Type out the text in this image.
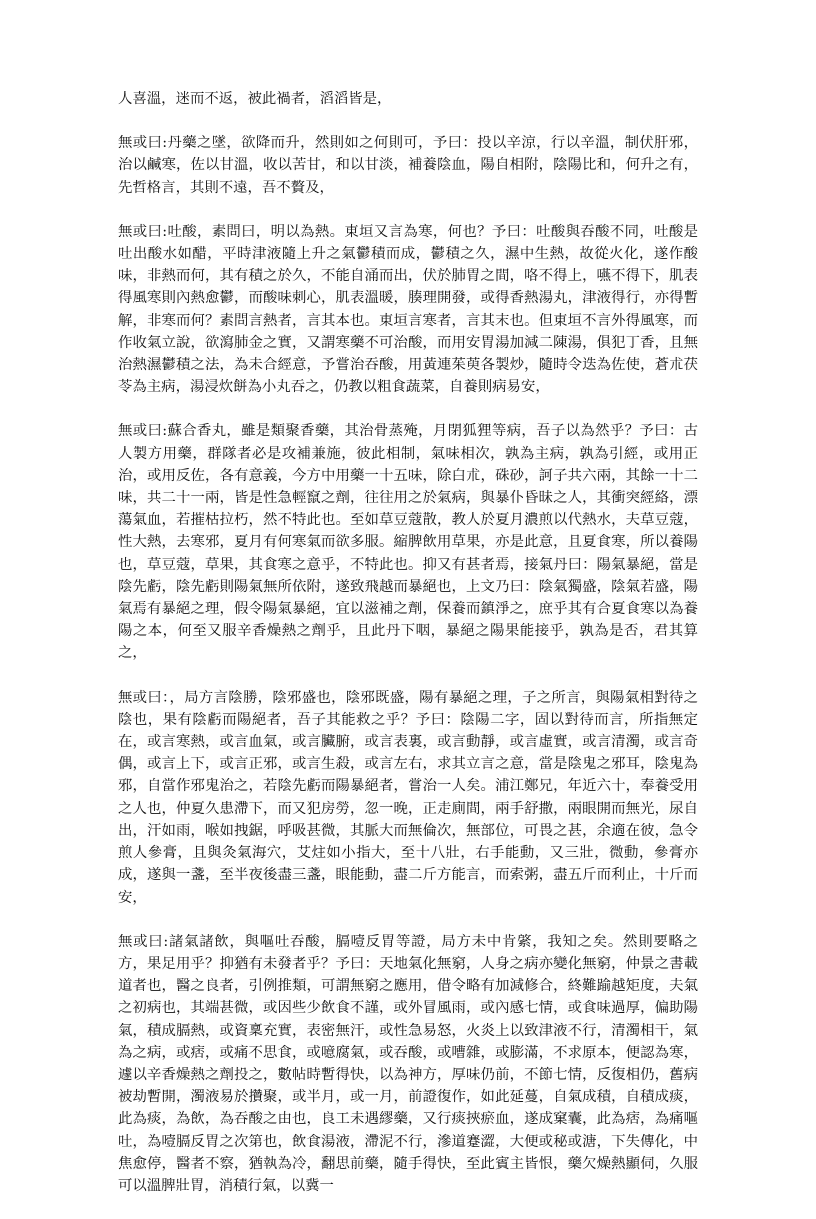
人喜溫，迷而不返，被此禍者，滔滔皆是，

無或曰:丹藥之墜，欲降而升，然則如之何則可，予曰：投以辛涼，行以辛溫，制伏肝邪，治以鹹寒，佐以甘溫，收以苦甘，和以甘淡，補養陰血，陽自相附，陰陽比和，何升之有，先哲格言，其則不遠，吾不贅及，

無或曰:吐酸，素問曰，明以為熱。東垣又言為寒，何也？予曰：吐酸與吞酸不同，吐酸是吐出酸水如醋，平時津液隨上升之氣鬱積而成，鬱積之久，濕中生熱，故從火化，遂作酸味，非熱而何，其有積之於久，不能自涌而出，伏於肺胃之間，咯不得上，嚥不得下，肌表得風寒則內熱愈鬱，而酸味刺心，肌表溫暖，腠理開發，或得香熱湯丸，津液得行，亦得暫解，非寒而何？素問言熱者，言其本也。東垣言寒者，言其末也。但東垣不言外得風寒，而作收氣立說，欲瀉肺金之實，又謂寒藥不可治酸，而用安胃湯加減二陳湯，俱犯丁香，且無治熱濕鬱積之法，為未合經意，予嘗治吞酸，用黃連茱萸各製炒，隨時令迭為佐使，蒼朮茯苓為主病，湯浸炊餅為小丸吞之，仍教以粗食蔬菜，自養則病易安，

無或曰:蘇合香丸，雖是類聚香藥，其治骨蒸殗，月閉狐狸等病，吾子以為然乎？予曰：古人製方用藥，群隊者必是攻補兼施，彼此相制，氣味相次，孰為主病，孰為引經，或用正治，或用反佐，各有意義，今方中用藥一十五味，除白朮，硃砂，訶子共六兩，其餘一十二味，共二十一兩，皆是性急輕竄之劑，往往用之於氣病，與暴仆昏昧之人，其衝突經絡，漂蕩氣血，若摧枯拉朽，然不特此也。至如草豆蔻散，教人於夏月濃煎以代熱水，夫草豆蔻，性大熱，去寒邪，夏月有何寒氣而欲多服。縮脾飲用草果，亦是此意，且夏食寒，所以養陽也，草豆蔻，草果，其食寒之意乎，不特此也。抑又有甚者焉，接氣丹曰：陽氣暴絕，當是陰先虧，陰先虧則陽氣無所依附，遂致飛越而暴絕也，上文乃曰：陰氣獨盛，陰氣若盛，陽氣焉有暴絕之理，假令陽氣暴絕，宜以滋補之劑，保養而鎮淨之，庶乎其有合夏食寒以為養陽之本，何至又服辛香燥熱之劑乎，且此丹下咽，暴絕之陽果能接乎，孰為是否，君其算之，

無或曰：，局方言陰勝，陰邪盛也，陰邪既盛，陽有暴絕之理，子之所言，與陽氣相對待之陰也，果有陰虧而陽絕者，吾子其能救之乎？予曰：陰陽二字，固以對待而言，所指無定在，或言寒熱，或言血氣，或言臟腑，或言表裏，或言動靜，或言虛實，或言清濁，或言奇偶，或言上下，或言正邪，或言生殺，或言左右，求其立言之意，當是陰鬼之邪耳，陰鬼為邪，自當作邪鬼治之，若陰先虧而陽暴絕者，嘗治一人矣。浦江鄭兄，年近六十，奉養受用之人也，仲夏久患滯下，而又犯房勞，忽一晚，正走廁間，兩手舒撒，兩眼開而無光，尿自出，汗如雨，喉如拽鋸，呼吸甚微，其脈大而無倫次，無部位，可畏之甚，余適在彼，急令煎人參膏，且與灸氣海穴，艾炷如小指大，至十八壯，右手能動，又三壯，微動，參膏亦成，遂與一盞，至半夜後盡三盞，眼能動，盡二斤方能言，而索粥，盡五斤而利止，十斤而安，

無或曰:諸氣諸飲，與嘔吐吞酸，膈噎反胃等證，局方未中肯綮，我知之矣。然則要略之方，果足用乎？抑猶有未發者乎？予曰：天地氣化無窮，人身之病亦變化無窮，仲景之書載道者也，醫之良者，引例推類，可謂無窮之應用，借令略有加減修合，終難踰越矩度，夫氣之初病也，其端甚微，或因些少飲食不謹，或外冒風雨，或內感七情，或食味過厚，偏助陽氣，積成膈熱，或資稟充實，表密無汗，或性急易怒，火炎上以致津液不行，清濁相干，氣為之病，或痞，或痛不思食，或噫腐氣，或吞酸，或嘈雜，或膨滿，不求原本，便認為寒，遽以辛香燥熱之劑投之，數帖時暫得快，以為神方，厚味仍前，不節七情，反復相仍，舊病被劫暫開，濁液易於攢聚，或半月，或一月，前證復作，如此延蔓，自氣成積，自積成痰，此為痰，為飲，為吞酸之由也，良工未遇繆藥，又行痰挾瘀血，遂成窠囊，此為痞，為痛嘔吐，為噎膈反胃之次第也，飲食湯液，滯泥不行，滲道蹇澀，大便或秘或溏，下失傳化，中焦愈停，醫者不察，猶執為冷，翻思前藥，隨手得快，至此賓主皆恨，藥欠燥熱顯伺，久服可以溫脾壯胃，消積行氣，以冀一
